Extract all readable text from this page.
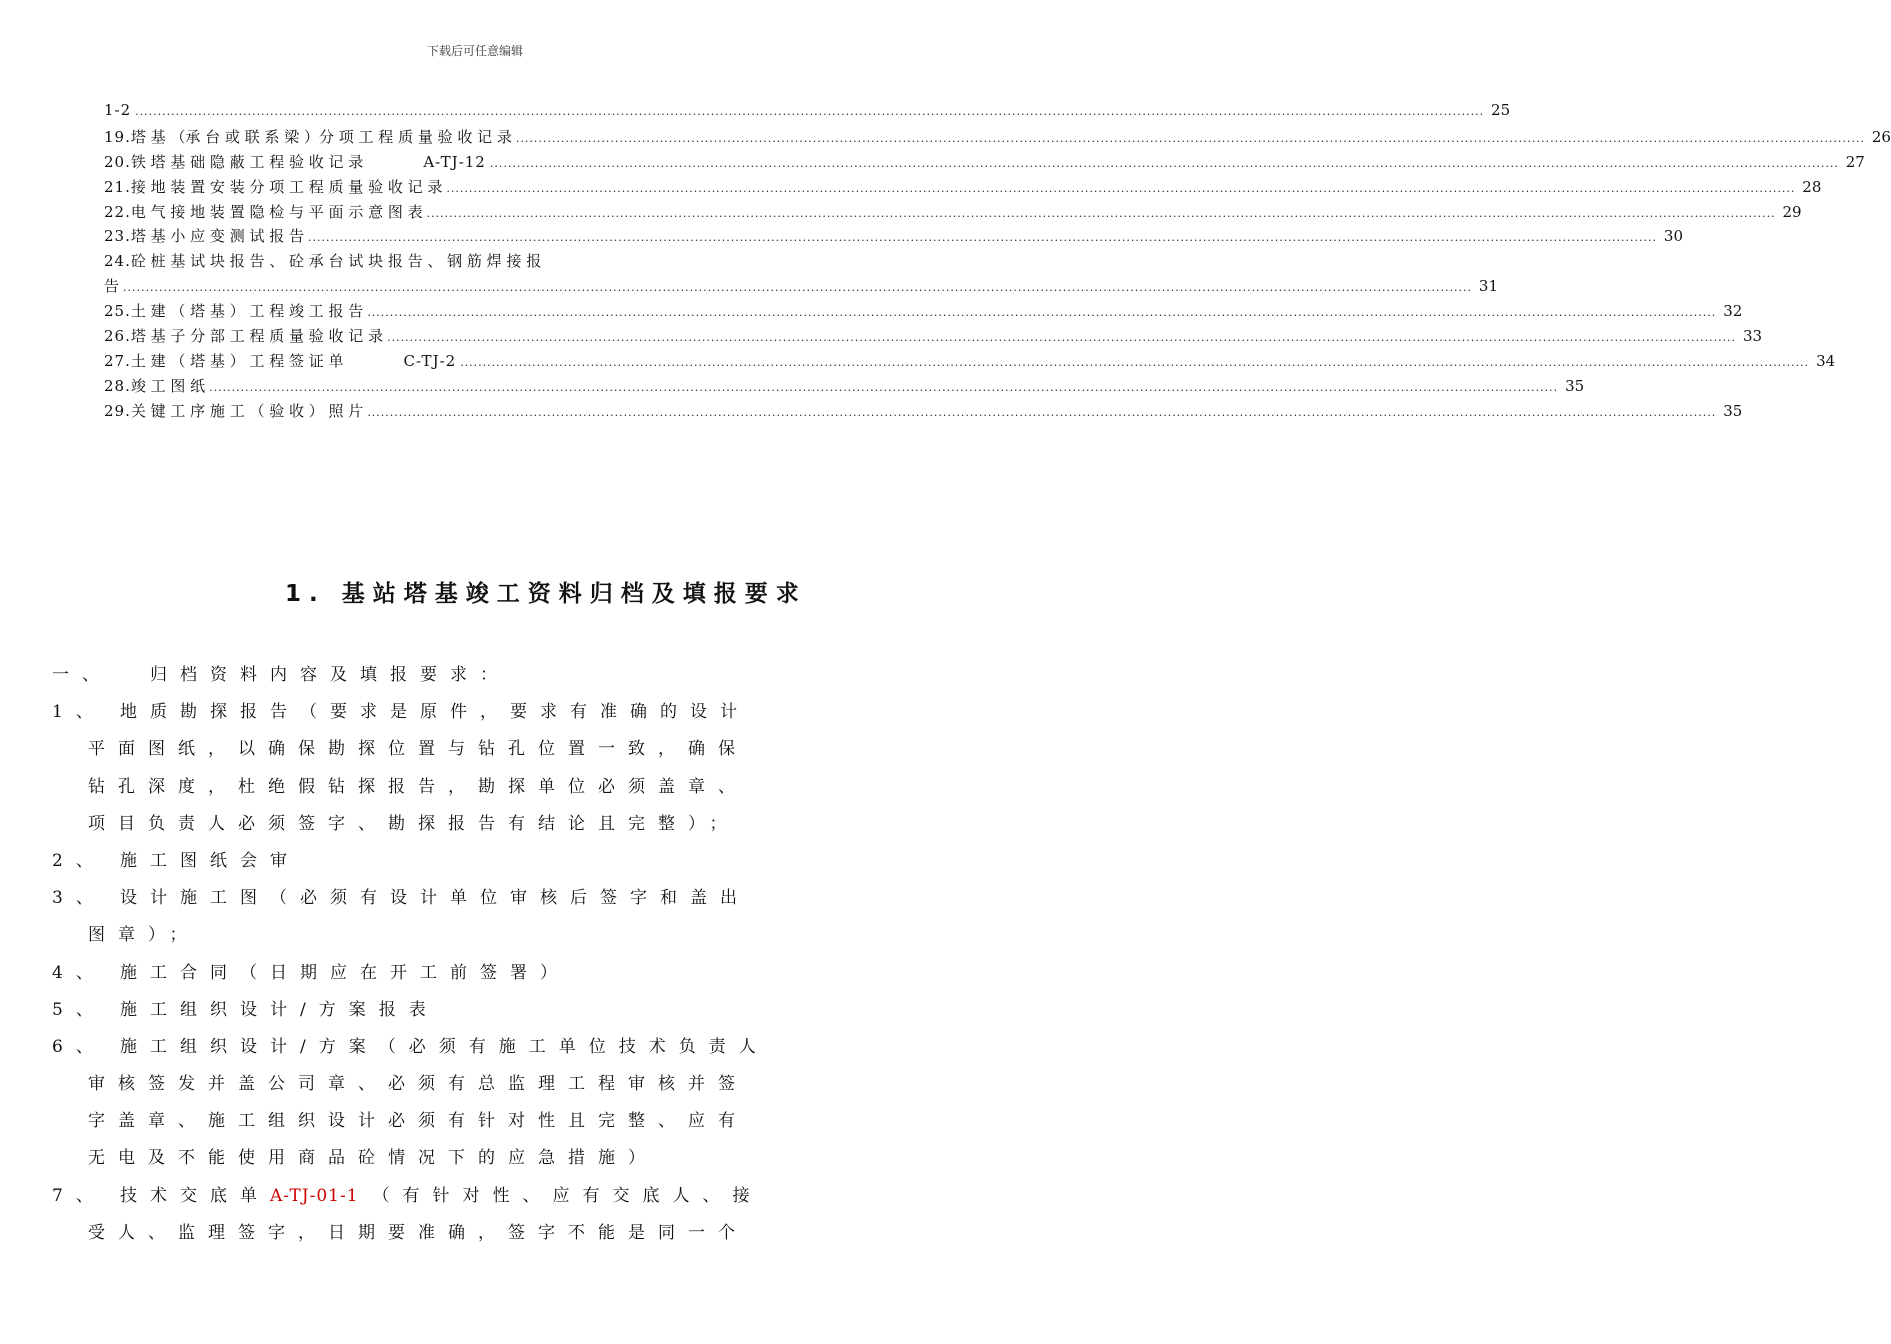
下载后可任意编辑
1-2 ............................................................................................................................................................................................................................................................................................................ 25
19. 塔 基 （承 台 或 联 系 梁 ）分 项 工 程 质 量 验 收 记 录 ............................................................................................................................................................................................................................................................................................................ 26
20. 铁 塔 基 础 隐 蔽 工 程 验 收 记 录	A-TJ-12 ............................................................................................................................................................................................................................................................................................................ 27
21. 接 地 装 置 安 装 分 项 工 程 质 量 验 收 记 录 ............................................................................................................................................................................................................................................................................................................ 28
22. 电 气 接 地 装 置 隐 检 与 平 面 示 意 图 表 ............................................................................................................................................................................................................................................................................................................ 29
23. 塔 基 小 应 变 测 试 报 告 ............................................................................................................................................................................................................................................................................................................ 30
24. 砼 桩 基 试 块 报 告 、 砼 承 台 试 块 报 告 、 钢 筋 焊 接 报
告 ............................................................................................................................................................................................................................................................................................................ 31
25. 土 建 （ 塔 基 ） 工 程 竣 工 报 告 ............................................................................................................................................................................................................................................................................................................ 32
26. 塔 基 子 分 部 工 程 质 量 验 收 记 录 ............................................................................................................................................................................................................................................................................................................ 33
27. 土 建 （ 塔 基 ） 工 程 签 证 单	C-TJ-2 ............................................................................................................................................................................................................................................................................................................ 34
28. 竣 工 图 纸 ............................................................................................................................................................................................................................................................................................................ 35
29. 关 键 工 序 施 工 （ 验 收 ） 照 片 ............................................................................................................................................................................................................................................................................................................ 35
1. 基站塔基竣工资料归档及填报要求
一、 归档资料内容及填报要求：
1、 地质勘探报告（要求是原件，要求有准确的设计
平面图纸，以确保勘探位置与钻孔位置一致，确保
钻孔深度，杜绝假钻探报告，勘探单位必须盖章、
项目负责人必须签字、勘探报告有结论且完整）；
2、 施工图纸会审
3、 设计施工图（必须有设计单位审核后签字和盖出
图章）；
4、 施工合同（日期应在开工前签署）
5、 施工组织设计/方案报表
6、 施工组织设计/方案（必须有施工单位技术负责人
审核签发并盖公司章、必须有总监理工程审核并签
字盖章、施工组织设计必须有针对性且完整、应有
无电及不能使用商品砼情况下的应急措施）
7、 技术交底单A-TJ-01-1 （有针对性、应有交底人、接
受人、监理签字，日期要准确，签字不能是同一个
